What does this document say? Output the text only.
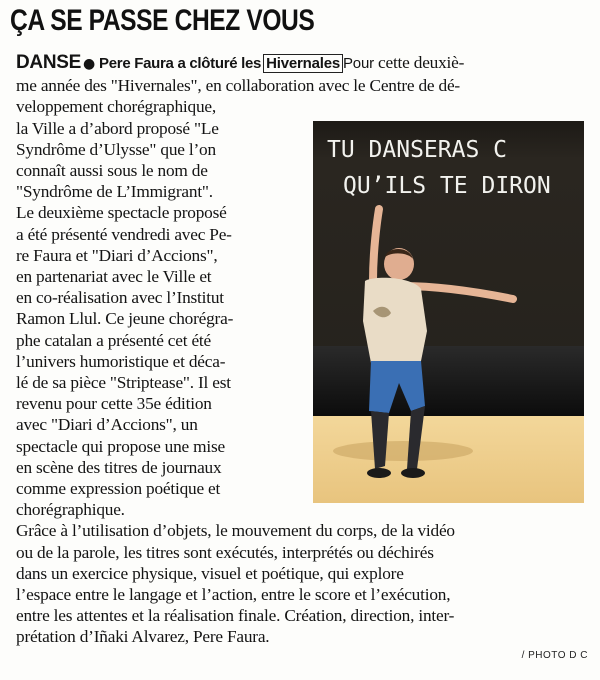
ÇA SE PASSE CHEZ VOUS
DANSE ● Pere Faura a clôturé les Hivernales Pour cette deuxiè-
me année des "Hivernales", en collaboration avec le Centre de dé-
veloppement chorégraphique,
la Ville a d’abord proposé "Le
Syndrôme d’Ulysse" que l’on
connaît aussi sous le nom de
"Syndrôme de L’Immigrant".
Le deuxième spectacle proposé
a été présenté vendredi avec Pe-
re Faura et "Diari d’Accions",
en partenariat avec le Ville et
en co-réalisation avec l’Institut
Ramon Llul. Ce jeune chorégra-
phe catalan a présenté cet été
l’univers humoristique et déca-
lé de sa pièce "Striptease". Il est
revenu pour cette 35e édition
avec "Diari d’Accions", un
spectacle qui propose une mise
en scène des titres de journaux
comme expression poétique et
chorégraphique.
Grâce à l’utilisation d’objets, le mouvement du corps, de la vidéo
ou de la parole, les titres sont exécutés, interprétés ou déchirés
dans un exercice physique, visuel et poétique, qui explore
l’espace entre le langage et l’action, entre le score et l’exécution,
entre les attentes et la réalisation finale. Création, direction, inter-
prétation d’Iñaki Alvarez, Pere Faura.
TU DANSERAS C
QU’ILS TE DIRON
/ PHOTO D C
